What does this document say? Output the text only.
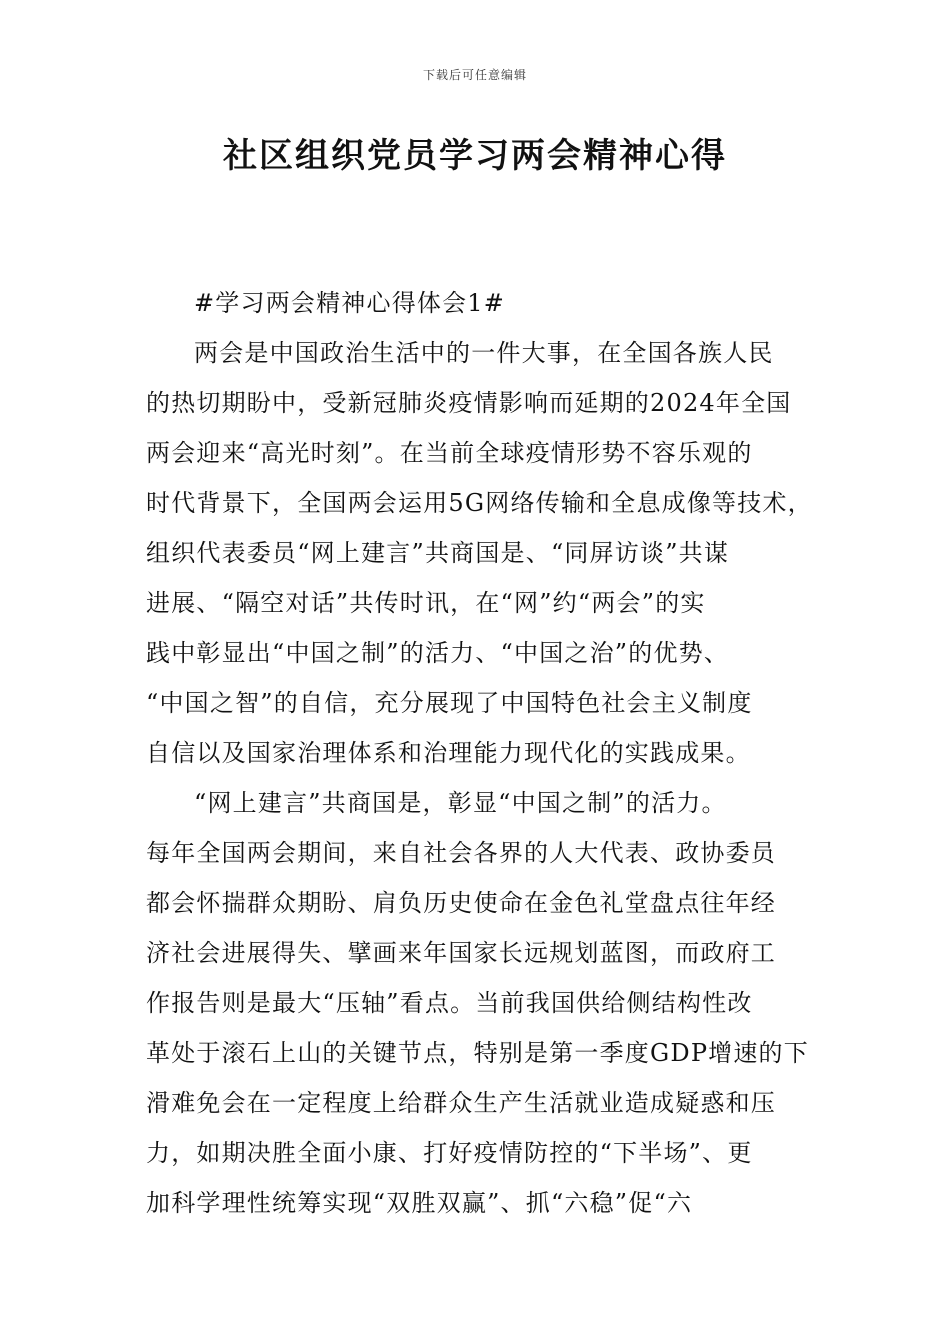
下载后可任意编辑
社区组织党员学习两会精神心得
#学习两会精神心得体会1#
两会是中国政治生活中的一件大事，在全国各族人民
的热切期盼中，受新冠肺炎疫情影响而延期的2024年全国
两会迎来“高光时刻”。在当前全球疫情形势不容乐观的
时代背景下，全国两会运用5G网络传输和全息成像等技术，
组织代表委员“网上建言”共商国是、“同屏访谈”共谋
进展、“隔空对话”共传时讯，在“网”约“两会”的实
践中彰显出“中国之制”的活力、“中国之治”的优势、
“中国之智”的自信，充分展现了中国特色社会主义制度
自信以及国家治理体系和治理能力现代化的实践成果。
“网上建言”共商国是，彰显“中国之制”的活力。
每年全国两会期间，来自社会各界的人大代表、政协委员
都会怀揣群众期盼、肩负历史使命在金色礼堂盘点往年经
济社会进展得失、擘画来年国家长远规划蓝图，而政府工
作报告则是最大“压轴”看点。当前我国供给侧结构性改
革处于滚石上山的关键节点，特别是第一季度GDP增速的下
滑难免会在一定程度上给群众生产生活就业造成疑惑和压
力，如期决胜全面小康、打好疫情防控的“下半场”、更
加科学理性统筹实现“双胜双赢”、抓“六稳”促“六
